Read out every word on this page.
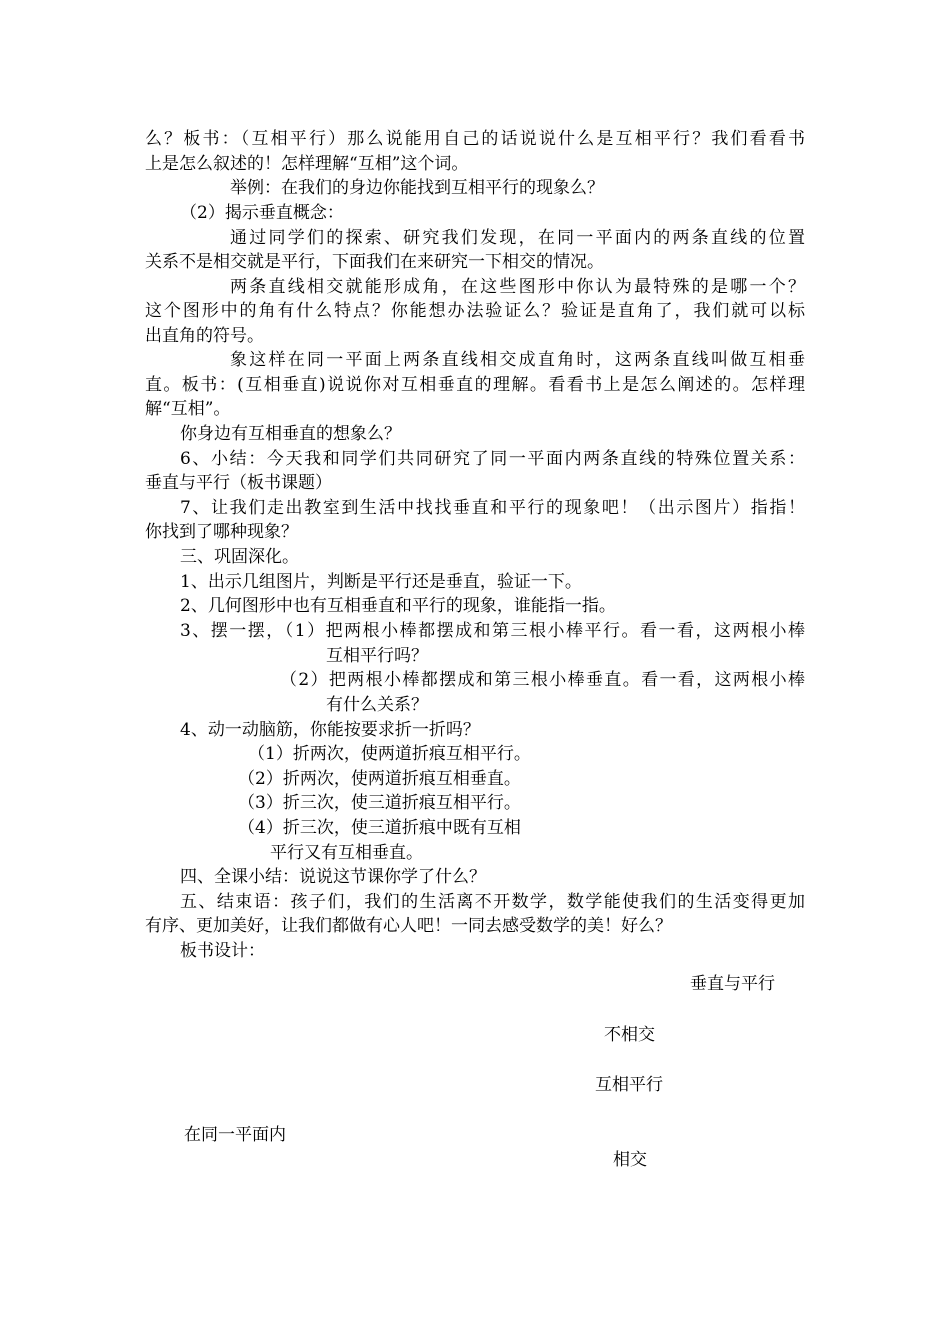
么？板书：（互相平行）那么说能用自己的话说说什么是互相平行？我们看看书
上是怎么叙述的！怎样理解“互相”这个词。
举例：在我们的身边你能找到互相平行的现象么？
（2）揭示垂直概念：
通过同学们的探索、研究我们发现，在同一平面内的两条直线的位置
关系不是相交就是平行，下面我们在来研究一下相交的情况。
两条直线相交就能形成角，在这些图形中你认为最特殊的是哪一个？
这个图形中的角有什么特点？你能想办法验证么？验证是直角了，我们就可以标
出直角的符号。
象这样在同一平面上两条直线相交成直角时，这两条直线叫做互相垂
直。板书：(互相垂直)说说你对互相垂直的理解。看看书上是怎么阐述的。怎样理
解“互相”。
你身边有互相垂直的想象么？
6、小结：今天我和同学们共同研究了同一平面内两条直线的特殊位置关系：
垂直与平行（板书课题）
7、让我们走出教室到生活中找找垂直和平行的现象吧！（出示图片）指指！
你找到了哪种现象？
三、巩固深化。
1、出示几组图片，判断是平行还是垂直，验证一下。
2、几何图形中也有互相垂直和平行的现象，谁能指一指。
3、摆一摆，（1）把两根小棒都摆成和第三根小棒平行。看一看，这两根小棒
互相平行吗？
（2）把两根小棒都摆成和第三根小棒垂直。看一看，这两根小棒
有什么关系？
4、动一动脑筋，你能按要求折一折吗？
（1）折两次，使两道折痕互相平行。
（2）折两次，使两道折痕互相垂直。
（3）折三次，使三道折痕互相平行。
（4）折三次，使三道折痕中既有互相
平行又有互相垂直。
四、全课小结：说说这节课你学了什么？
五、结束语：孩子们，我们的生活离不开数学，数学能使我们的生活变得更加
有序、更加美好，让我们都做有心人吧！一同去感受数学的美！好么？
板书设计：
垂直与平行
不相交
互相平行
在同一平面内
相交
